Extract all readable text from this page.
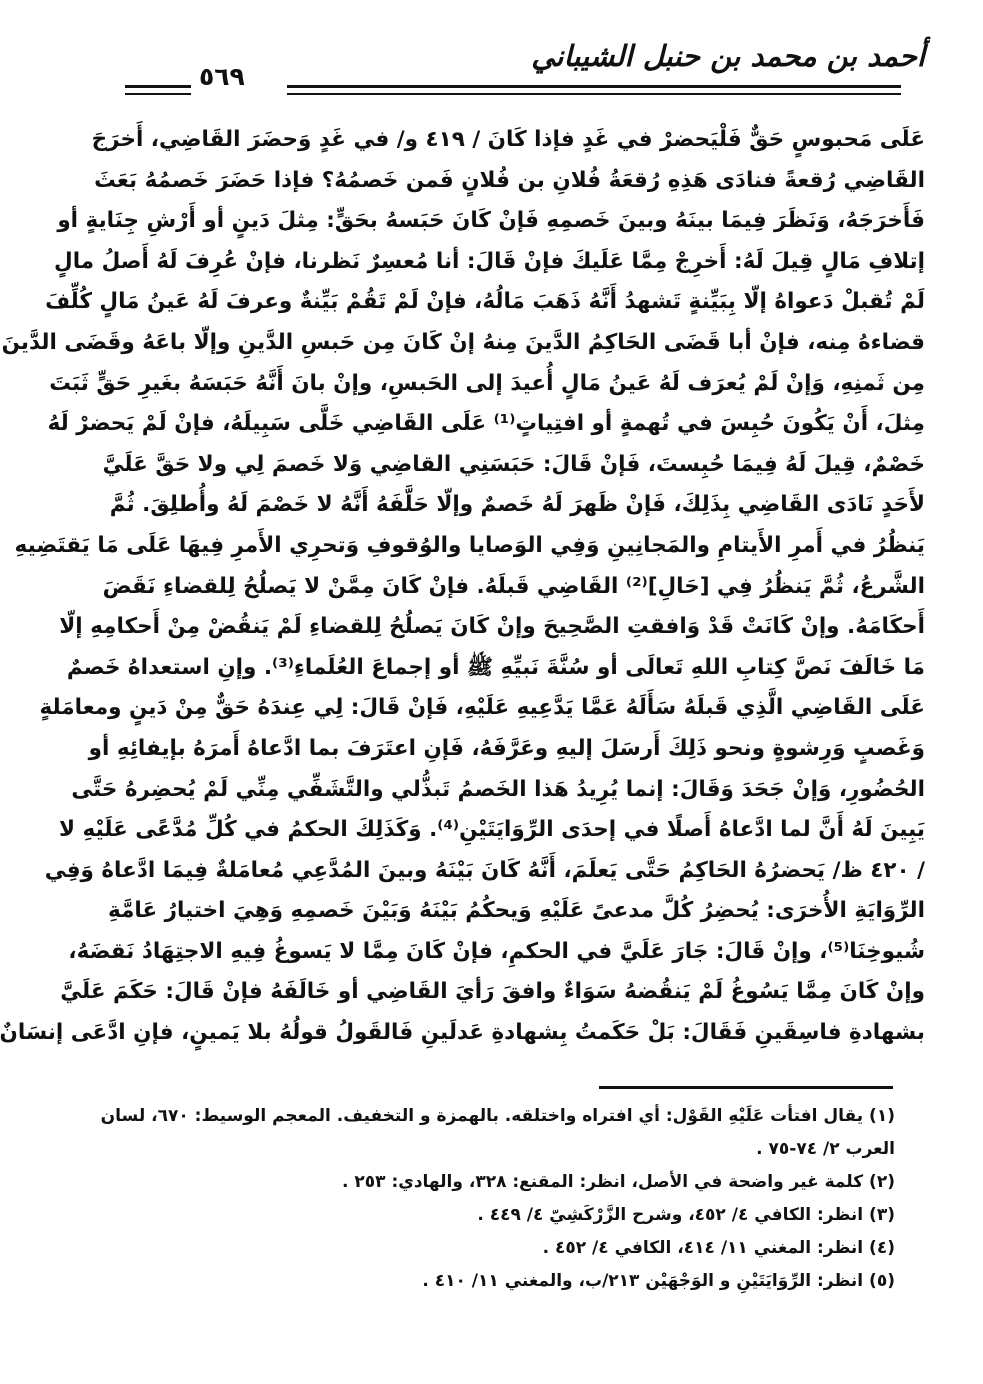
أحمد بن محمد بن حنبل الشيباني
٥٦٩
عَلَى مَحبوسٍ حَقٌّ فَلْيَحضرْ في غَدٍ فإذا كَانَ / ٤١٩ و/ في غَدٍ وَحضَرَ القَاضِي، أَخرَجَ
القَاضِي رُقعةً فنادَى هَذِهِ رُقعَةُ فُلانِ بن فُلانٍ فَمن خَصمُهُ؟ فإذا حَضَرَ خَصمُهُ بَعَثَ
فَأَخرَجَهُ، وَنَظَرَ فِيمَا بينَهُ وبينَ خَصمِهِ فَإنْ كَانَ حَبَسهُ بحَقٍّ: مِثلَ دَينٍ أو أَرْشِ جِنَايةٍ أو
إتلافِ مَالٍ قِيلَ لَهُ: أَخرِجْ مِمَّا عَلَيكَ فإنْ قَالَ: أنا مُعسِرٌ نَظرنا، فإنْ عُرِفَ لَهُ أَصلُ مالٍ
لَمْ تُقبلْ دَعواهُ إلّا بِبَيِّنةٍ تَشهدُ أَنَّهُ ذَهَبَ مَالُهُ، فإنْ لَمْ تَقُمْ بَيِّنةٌ وعرفَ لَهُ عَينُ مَالٍ كُلِّفَ
قضاءهُ مِنه، فإنْ أبا قَضَى الحَاكِمُ الدَّينَ مِنهُ إنْ كَانَ مِن حَبسِ الدَّينِ وإلّا باعَهُ وقَضَى الدَّينَ
مِن ثَمنِهِ، وَإنْ لَمْ يُعرَف لَهُ عَينُ مَالٍ أُعيدَ إلى الحَبسِ، وإنْ بانَ أَنَّهُ حَبَسَهُ بغَيرِ حَقٍّ ثَبَتَ
مِثلَ، أَنْ يَكُونَ حُبِسَ في تُهمةٍ أو افتِياتٍ⁽¹⁾ عَلَى القَاضِي خَلَّى سَبِيلَهُ، فإنْ لَمْ يَحضرْ لَهُ
خَصْمٌ، قِيلَ لَهُ فِيمَا حُبِستَ، فَإنْ قَالَ: حَبَسَنِي القاضِي وَلا خَصمَ لِي ولا حَقَّ عَلَيَّ
لأَحَدٍ نَادَى القَاضِي بِذَلِكَ، فَإنْ ظَهرَ لَهُ خَصمٌ وإلّا حَلَّفَهُ أَنَّهُ لا خَصْمَ لَهُ وأُطلِقَ. ثُمَّ
يَنظُرُ في أَمرِ الأَيتامِ والمَجانِينِ وَفِي الوَصايا والوُقوفِ وَتحرِي الأَمرِ فِيهَا عَلَى مَا يَقتَضِيهِ
الشَّرعُ، ثُمَّ يَنظُرُ فِي [حَالِ]⁽²⁾ القَاضِي قَبلَهُ. فإنْ كَانَ مِمَّنْ لا يَصلُحُ لِلقضاءِ نَقَضَ
أَحكَامَهُ. وإنْ كَانَتْ قَدْ وَافقتِ الصَّحِيحَ وإنْ كَانَ يَصلُحُ لِلقضاءِ لَمْ يَنقُضْ مِنْ أَحكامِهِ إلّا
مَا خَالَفَ نَصَّ كِتابِ اللهِ تَعالَى أو سُنَّةَ نَبيِّهِ ﷺ أو إجماعَ العُلَماءِ⁽³⁾. وإنِ استعداهُ خَصمٌ
عَلَى القَاضِي الَّذِي قَبلَهُ سَأَلَهُ عَمَّا يَدَّعِيهِ عَلَيْهِ، فَإنْ قَالَ: لِي عِندَهُ حَقٌّ مِنْ دَينٍ ومعامَلةٍ
وَغَصبٍ وَرِشوةٍ ونحو ذَلِكَ أَرسَلَ إليهِ وعَرَّفَهُ، فَإنِ اعتَرَفَ بما ادَّعاهُ أَمرَهُ بإيفائِهِ أو
الحُضُورِ، وَإنْ جَحَدَ وَقَالَ: إنما يُرِيدُ هَذا الخَصمُ تَبذُّلي والتَّشَفِّي مِنِّي لَمْ يُحضِرهُ حَتَّى
يَبِينَ لَهُ أَنَّ لما ادَّعاهُ أَصلًا في إحدَى الرِّوَايَتَيْنِ⁽⁴⁾. وَكَذَلِكَ الحكمُ في كُلِّ مُدَّعًى عَلَيْهِ لا
/ ٤٢٠ ظ/ يَحضرُهُ الحَاكِمُ حَتَّى يَعلَمَ، أَنَّهُ كَانَ بَيْنَهُ وبينَ المُدَّعِي مُعامَلةٌ فِيمَا ادَّعاهُ وَفِي
الرِّوَايَةِ الأُخرَى: يُحضِرُ كُلَّ مدعىً عَلَيْهِ وَيحكُمُ بَيْنَهُ وَبَيْنَ خَصمِهِ وَهِيَ اختيارُ عَامَّةِ
شُيوخِنَا⁽⁵⁾، وإنْ قَالَ: جَارَ عَلَيَّ في الحكمِ، فإنْ كَانَ مِمَّا لا يَسوغُ فِيهِ الاجتِهَادُ نَقضَهُ،
وإنْ كَانَ مِمَّا يَسُوغُ لَمْ يَنقُضهُ سَوَاءٌ وافقَ رَأيَ القَاضِي أو خَالَفَهُ فإنْ قَالَ: حَكَمَ عَلَيَّ
بشهادةِ فاسِقَينِ فَقَالَ: بَلْ حَكَمتُ بِشهادةِ عَدلَينِ فَالقَولُ قولُهُ بلا يَمينٍ، فإنِ ادَّعَى إنسَانٌ
(١) يقال افتأت عَلَيْهِ القَوْل: أي افتراه واختلقه. بالهمزة و التخفيف. المعجم الوسيط: ٦٧٠، لسان
العرب ٢/ ٧٤-٧٥ .
(٢) كلمة غير واضحة في الأصل، انظر: المقنع: ٣٢٨، والهادي: ٢٥٣ .
(٣) انظر: الكافي ٤/ ٤٥٢، وشرح الزَّرْكَشِيّ ٤/ ٤٤٩ .
(٤) انظر: المغني ١١/ ٤١٤، الكافي ٤/ ٤٥٢ .
(٥) انظر: الرِّوَايَتَيْنِ و الوَجْهَيْن ٢١٣/ب، والمغني ١١/ ٤١٠ .
